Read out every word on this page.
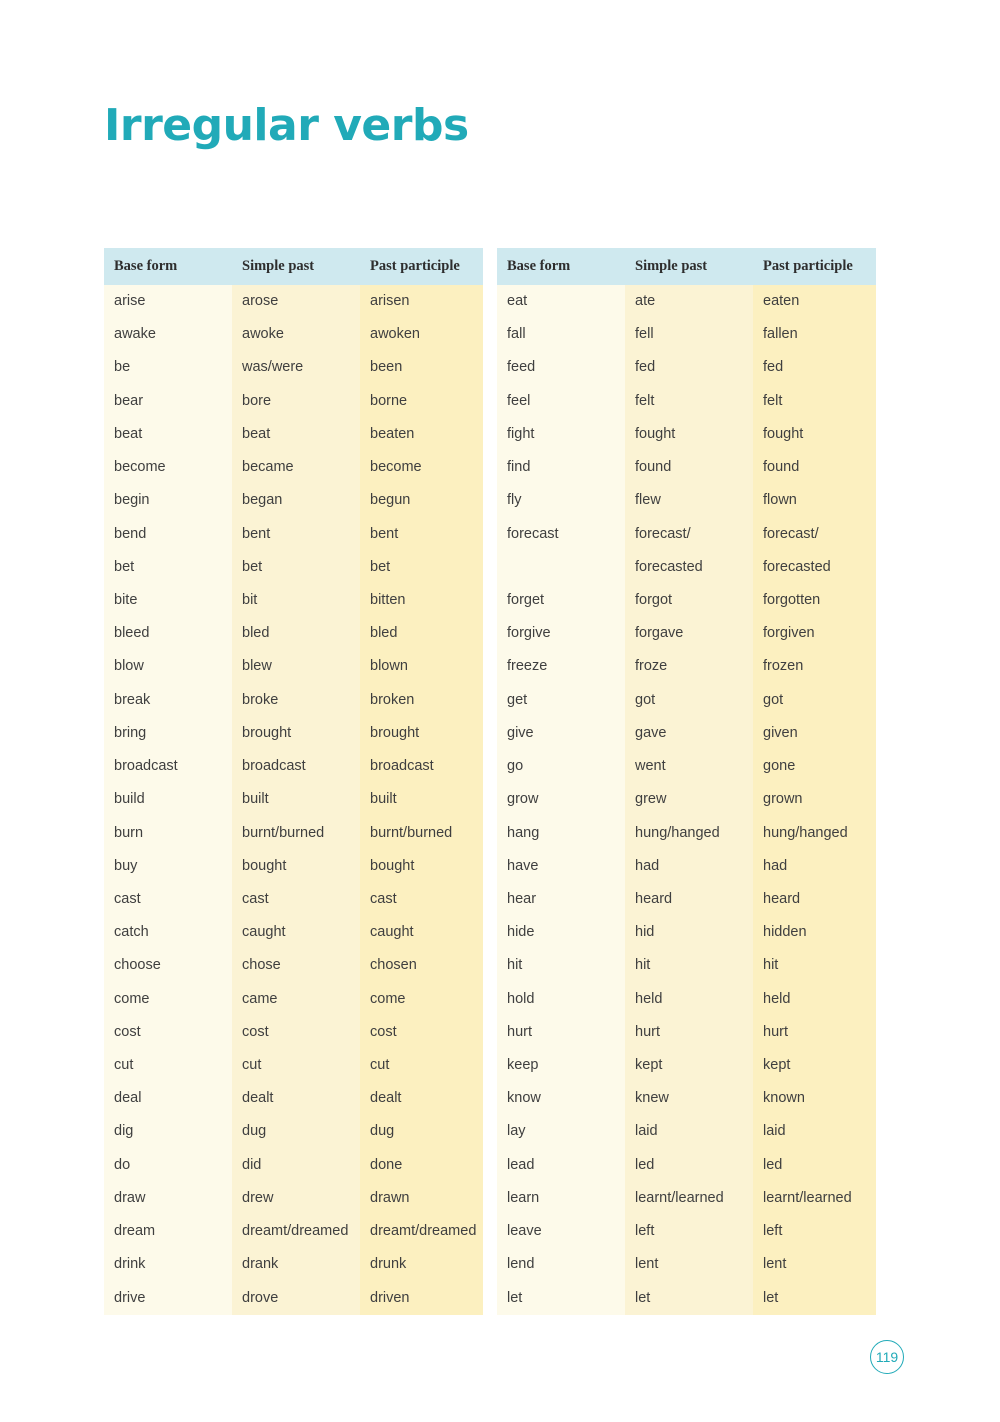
Irregular verbs
Base form	Simple past	Past participle
arise	arose	arisen
awake	awoke	awoken
be	was/were	been
bear	bore	borne
beat	beat	beaten
become	became	become
begin	began	begun
bend	bent	bent
bet	bet	bet
bite	bit	bitten
bleed	bled	bled
blow	blew	blown
break	broke	broken
bring	brought	brought
broadcast	broadcast	broadcast
build	built	built
burn	burnt/burned	burnt/burned
buy	bought	bought
cast	cast	cast
catch	caught	caught
choose	chose	chosen
come	came	come
cost	cost	cost
cut	cut	cut
deal	dealt	dealt
dig	dug	dug
do	did	done
draw	drew	drawn
dream	dreamt/dreamed	dreamt/dreamed
drink	drank	drunk
drive	drove	driven
Base form	Simple past	Past participle
eat	ate	eaten
fall	fell	fallen
feed	fed	fed
feel	felt	felt
fight	fought	fought
find	found	found
fly	flew	flown
forecast	forecast/	forecast/
	forecasted	forecasted
forget	forgot	forgotten
forgive	forgave	forgiven
freeze	froze	frozen
get	got	got
give	gave	given
go	went	gone
grow	grew	grown
hang	hung/hanged	hung/hanged
have	had	had
hear	heard	heard
hide	hid	hidden
hit	hit	hit
hold	held	held
hurt	hurt	hurt
keep	kept	kept
know	knew	known
lay	laid	laid
lead	led	led
learn	learnt/learned	learnt/learned
leave	left	left
lend	lent	lent
let	let	let
119
